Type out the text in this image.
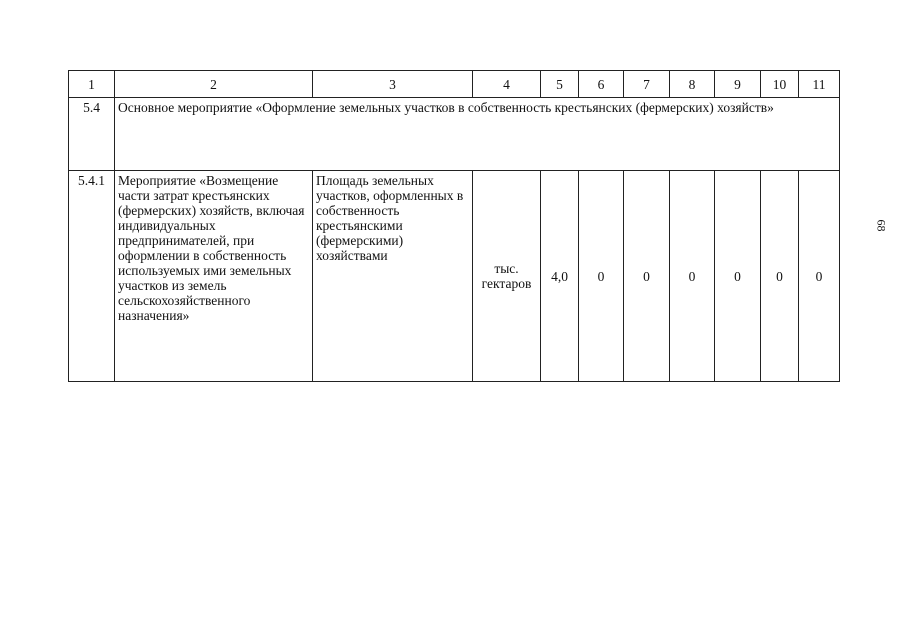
1	2	3	4	5	6	7	8	9	10	11
5.4	Основное мероприятие «Оформление земельных участков в собственность крестьянских (фермерских) хозяйств»									
5.4.1	Мероприятие «Возмещение части затрат крестьянских (фермерских) хозяйств, включая индивидуальных предпринимателей, при оформлении в собственность используемых ими земельных участков из земель сельскохозяйственного назначения»	Площадь земельных участков, оформленных в собственность крестьянскими (фермерскими) хозяйствами	тыс. гектаров	4,0	0	0	0	0	0	0
68
